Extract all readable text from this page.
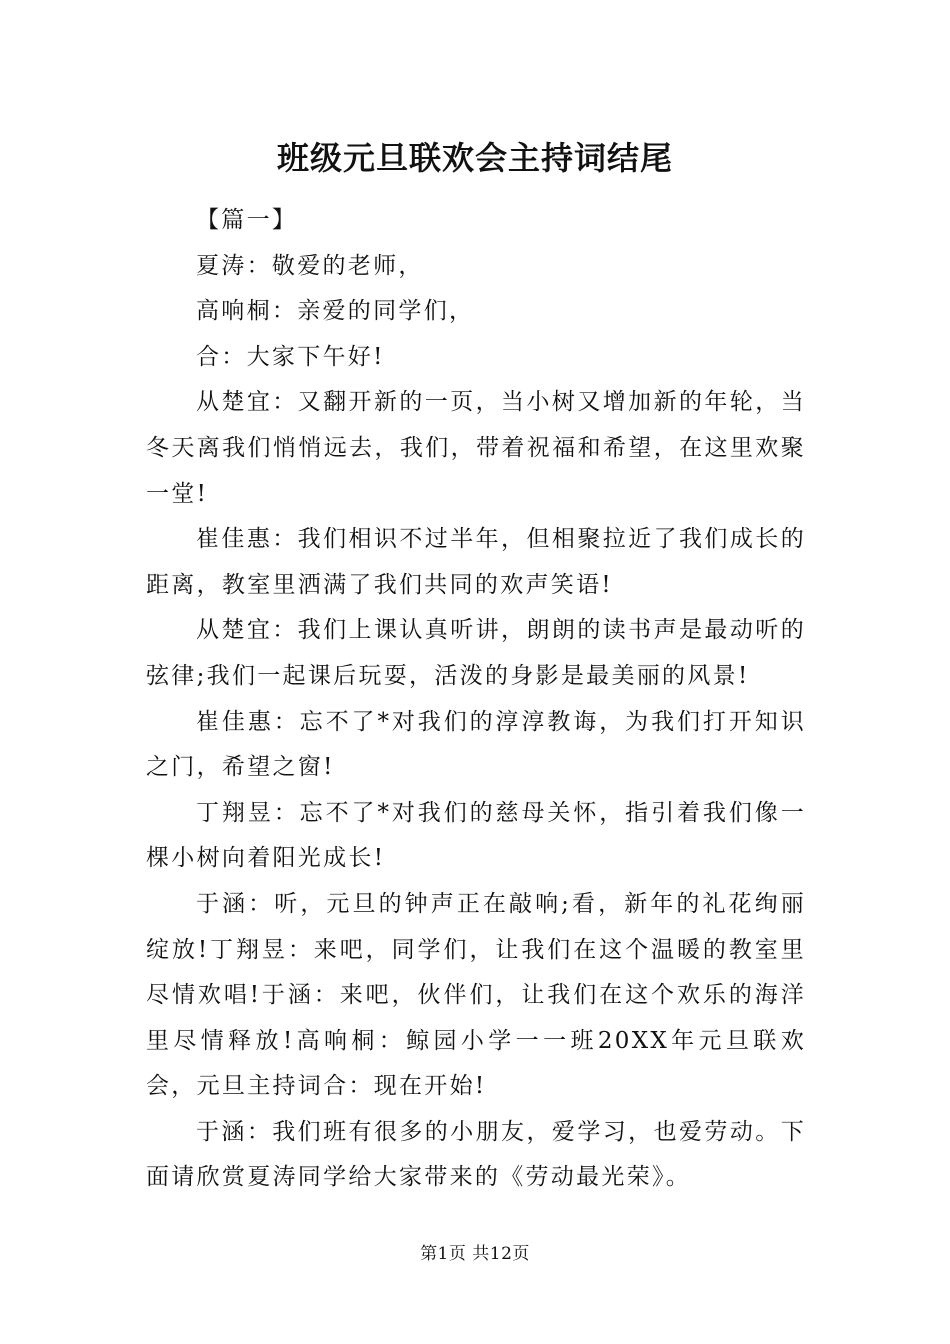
班级元旦联欢会主持词结尾

【篇一】

夏涛：敬爱的老师，

高响桐：亲爱的同学们，

合：大家下午好!

从楚宜：又翻开新的一页，当小树又增加新的年轮，当冬天离我们悄悄远去，我们，带着祝福和希望，在这里欢聚一堂!

崔佳惠：我们相识不过半年，但相聚拉近了我们成长的距离，教室里洒满了我们共同的欢声笑语!

从楚宜：我们上课认真听讲，朗朗的读书声是最动听的弦律;我们一起课后玩耍，活泼的身影是最美丽的风景!

崔佳惠：忘不了*对我们的淳淳教诲，为我们打开知识之门，希望之窗!

丁翔昱：忘不了*对我们的慈母关怀，指引着我们像一棵小树向着阳光成长!

于涵：听，元旦的钟声正在敲响;看，新年的礼花绚丽绽放!丁翔昱：来吧，同学们，让我们在这个温暖的教室里尽情欢唱!于涵：来吧，伙伴们，让我们在这个欢乐的海洋里尽情释放!高响桐：鲸园小学一一班20XX年元旦联欢会，元旦主持词合：现在开始!

于涵：我们班有很多的小朋友，爱学习，也爱劳动。下面请欣赏夏涛同学给大家带来的《劳动最光荣》。

第1页 共12页
